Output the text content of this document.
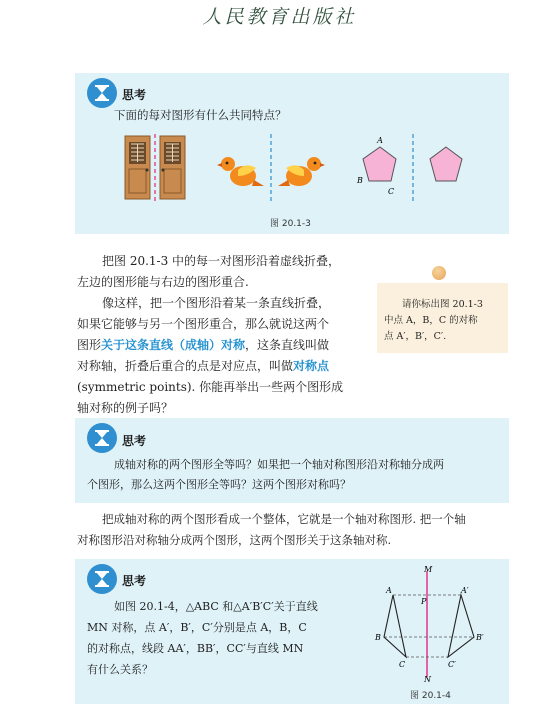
人民教育出版社
思考
下面的每对图形有什么共同特点？
A
B
C
图 20.1-3
把图 20.1-3 中的每一对图形沿着虚线折叠，
左边的图形能与右边的图形重合.
像这样，把一个图形沿着某一条直线折叠，
如果它能够与另一个图形重合，那么就说这两个
图形关于这条直线（成轴）对称，这条直线叫做
对称轴，折叠后重合的点是对应点，叫做对称点
(symmetric points). 你能再举出一些两个图形成
轴对称的例子吗？
请你标出图 20.1-3
中点 A，B，C 的对称
点 A′，B′，C′.
思考
成轴对称的两个图形全等吗？如果把一个轴对称图形沿对称轴分成两
个图形，那么这两个图形全等吗？这两个图形对称吗？
把成轴对称的两个图形看成一个整体，它就是一个轴对称图形. 把一个轴
对称图形沿对称轴分成两个图形，这两个图形关于这条轴对称.
思考
如图 20.1-4，△ABC 和△A′B′C′关于直线
MN 对称，点 A′，B′，C′分别是点 A，B，C
的对称点，线段 AA′，BB′，CC′与直线 MN
有什么关系？
M
N
A	A′
P
B	B′
C	C′
图 20.1-4
